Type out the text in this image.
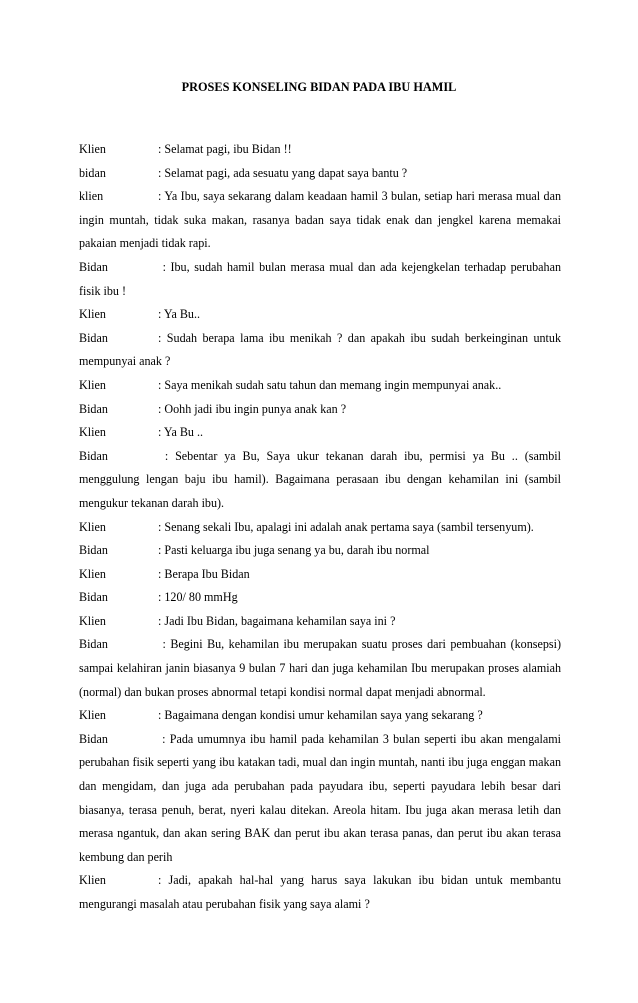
PROSES KONSELING BIDAN PADA IBU HAMIL

Klien	: Selamat pagi, ibu Bidan !!

bidan	: Selamat pagi, ada sesuatu yang dapat saya bantu ?

klien	: Ya Ibu, saya sekarang dalam keadaan hamil 3 bulan, setiap hari merasa mual dan ingin muntah, tidak suka makan, rasanya badan saya tidak enak dan jengkel karena memakai pakaian menjadi tidak rapi.

Bidan	: Ibu, sudah hamil bulan merasa mual dan ada kejengkelan terhadap perubahan fisik ibu !

Klien	: Ya Bu..

Bidan	: Sudah berapa lama ibu menikah ? dan apakah ibu sudah berkeinginan untuk mempunyai anak ?

Klien	: Saya menikah sudah satu tahun dan memang ingin mempunyai anak..

Bidan	: Oohh jadi ibu ingin punya anak kan ?

Klien	: Ya Bu ..

Bidan	: Sebentar ya Bu, Saya ukur tekanan darah ibu, permisi ya Bu .. (sambil menggulung lengan baju ibu hamil). Bagaimana perasaan ibu dengan kehamilan ini (sambil mengukur tekanan darah ibu).

Klien	: Senang sekali Ibu, apalagi ini adalah anak pertama saya (sambil tersenyum).

Bidan	: Pasti keluarga ibu juga senang ya bu, darah ibu normal

Klien	: Berapa Ibu Bidan

Bidan	: 120/ 80 mmHg

Klien	: Jadi Ibu Bidan, bagaimana kehamilan saya ini ?

Bidan	: Begini Bu, kehamilan ibu merupakan suatu proses dari pembuahan (konsepsi) sampai kelahiran janin biasanya 9 bulan 7 hari dan juga kehamilan Ibu merupakan proses alamiah (normal) dan bukan proses abnormal tetapi kondisi normal dapat menjadi abnormal.

Klien	: Bagaimana dengan kondisi umur kehamilan saya yang sekarang ?

Bidan	: Pada umumnya ibu hamil pada kehamilan 3 bulan seperti ibu akan mengalami perubahan fisik seperti yang ibu katakan tadi, mual dan ingin muntah, nanti ibu juga enggan makan dan mengidam, dan juga ada perubahan pada payudara ibu, seperti payudara lebih besar dari biasanya, terasa penuh, berat, nyeri kalau ditekan. Areola hitam. Ibu juga akan merasa letih dan merasa ngantuk, dan akan sering BAK dan perut ibu akan terasa panas, dan perut ibu akan terasa kembung dan perih

Klien	: Jadi, apakah hal-hal yang harus saya lakukan ibu bidan untuk membantu mengurangi masalah atau perubahan fisik yang saya alami ?
